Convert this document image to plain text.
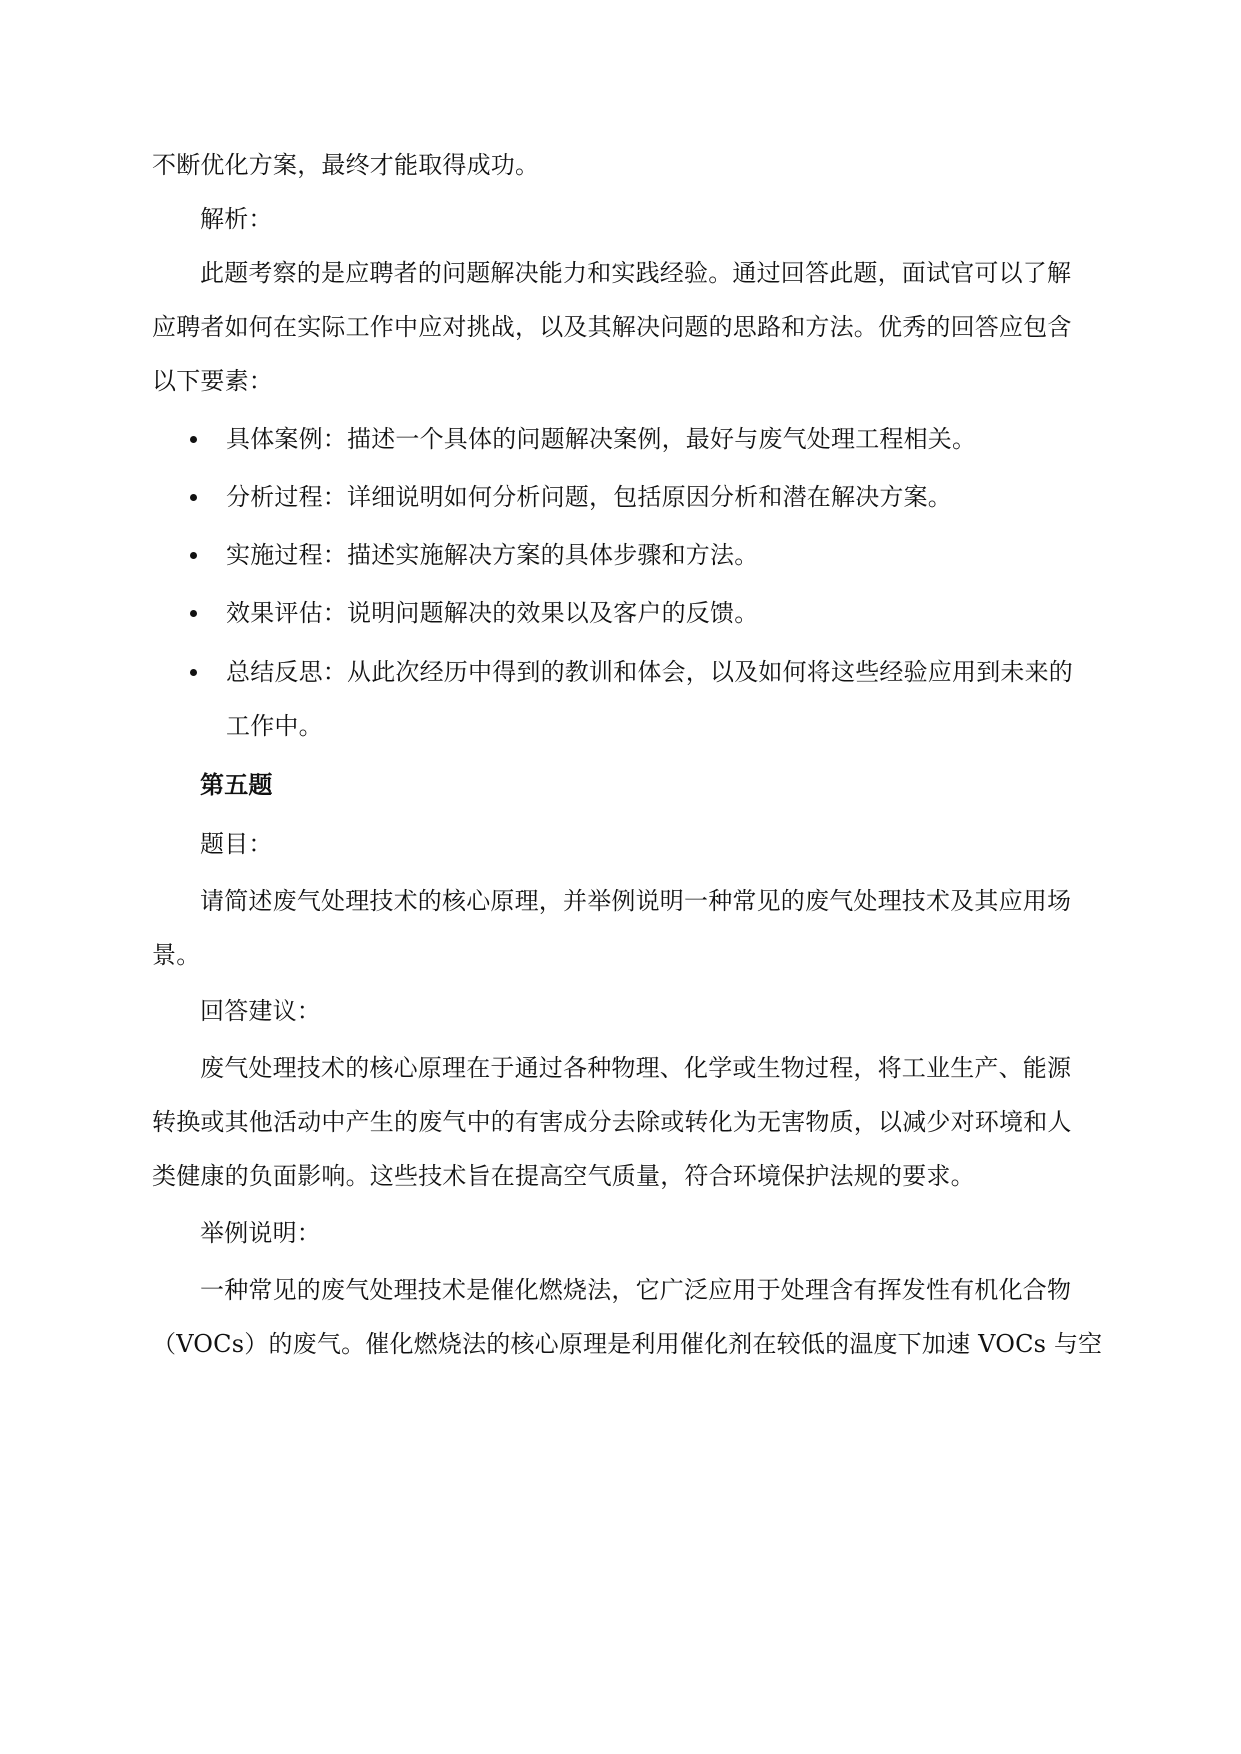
不断优化方案，最终才能取得成功。
解析：
此题考察的是应聘者的问题解决能力和实践经验。通过回答此题，面试官可以了解
应聘者如何在实际工作中应对挑战，以及其解决问题的思路和方法。优秀的回答应包含
以下要素：
具体案例：描述一个具体的问题解决案例，最好与废气处理工程相关。
分析过程：详细说明如何分析问题，包括原因分析和潜在解决方案。
实施过程：描述实施解决方案的具体步骤和方法。
效果评估：说明问题解决的效果以及客户的反馈。
总结反思：从此次经历中得到的教训和体会，以及如何将这些经验应用到未来的
工作中。
第五题
题目：
请简述废气处理技术的核心原理，并举例说明一种常见的废气处理技术及其应用场
景。
回答建议：
废气处理技术的核心原理在于通过各种物理、化学或生物过程，将工业生产、能源
转换或其他活动中产生的废气中的有害成分去除或转化为无害物质，以减少对环境和人
类健康的负面影响。这些技术旨在提高空气质量，符合环境保护法规的要求。
举例说明：
一种常见的废气处理技术是催化燃烧法，它广泛应用于处理含有挥发性有机化合物
（VOCs）的废气。催化燃烧法的核心原理是利用催化剂在较低的温度下加速 VOCs 与空
